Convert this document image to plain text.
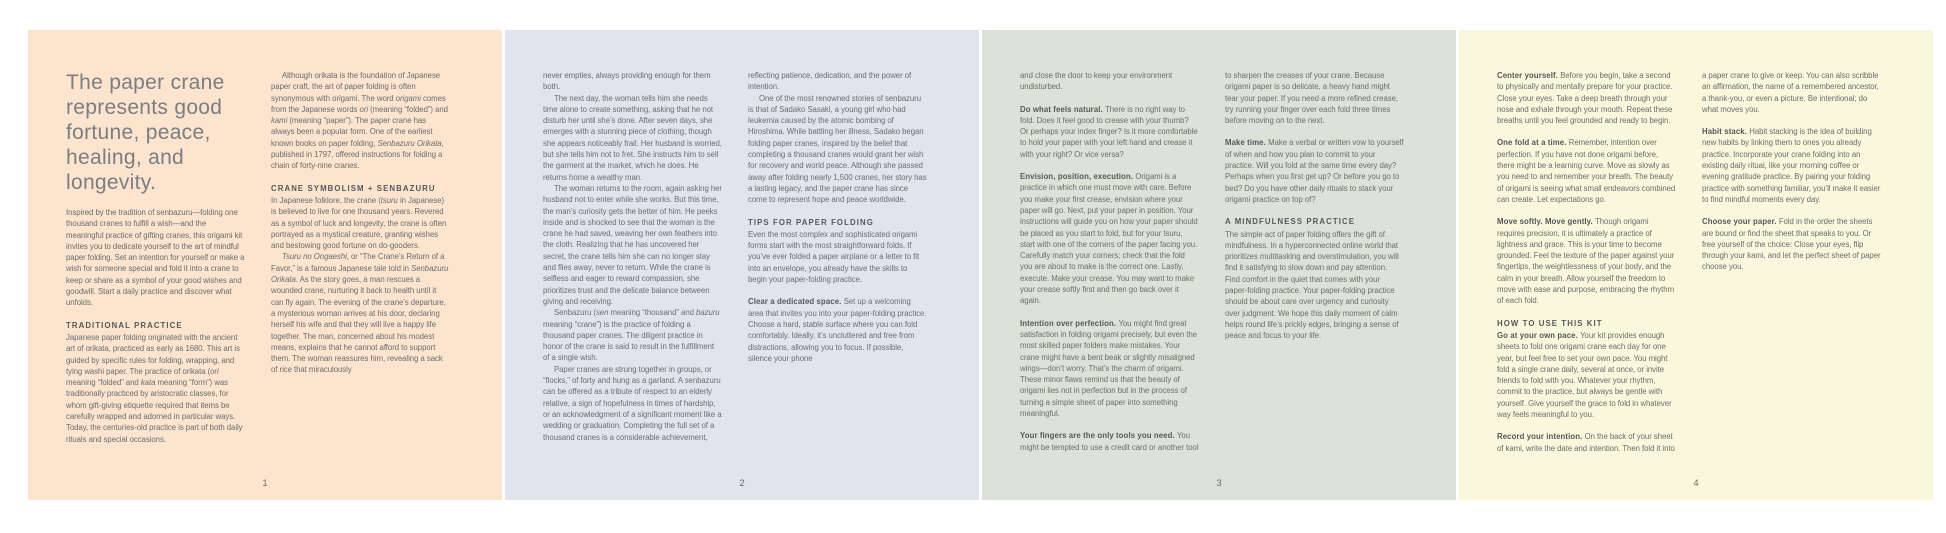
The paper crane represents good fortune, peace, healing, and longevity.

Inspired by the tradition of senbazuru—folding one thousand cranes to fulfill a wish—and the meaningful practice of gifting cranes, this origami kit invites you to dedicate yourself to the art of mindful paper folding. Set an intention for yourself or make a wish for someone special and fold it into a crane to keep or share as a symbol of your good wishes and goodwill. Start a daily practice and discover what unfolds.

TRADITIONAL PRACTICE

Japanese paper folding originated with the ancient art of orikata, practiced as early as 1680. This art is guided by specific rules for folding, wrapping, and tying washi paper. The practice of orikata (ori meaning “folded” and kata meaning “form”) was traditionally practiced by aristocratic classes, for whom gift-giving etiquette required that items be carefully wrapped and adorned in particular ways. Today, the centuries-old practice is part of both daily rituals and special occasions.

Although orikata is the foundation of Japanese paper craft, the art of paper folding is often synonymous with origami. The word origami comes from the Japanese words ori (meaning “folded”) and kami (meaning “paper”). The paper crane has always been a popular form. One of the earliest known books on paper folding, Senbazuru Orikata, published in 1797, offered instructions for folding a chain of forty-nine cranes.

CRANE SYMBOLISM + SENBAZURU

In Japanese folklore, the crane (tsuru in Japanese) is believed to live for one thousand years. Revered as a symbol of luck and longevity, the crane is often portrayed as a mystical creature, granting wishes and bestowing good fortune on do-gooders.

Tsuru no Ongaeshi, or “The Crane’s Return of a Favor,” is a famous Japanese tale told in Senbazuru Orikata. As the story goes, a man rescues a wounded crane, nurturing it back to health until it can fly again. The evening of the crane’s departure, a mysterious woman arrives at his door, declaring herself his wife and that they will live a happy life together. The man, concerned about his modest means, explains that he cannot afford to support them. The woman reassures him, revealing a sack of rice that miraculously

1

never empties, always providing enough for them both.

The next day, the woman tells him she needs time alone to create something, asking that he not disturb her until she’s done. After seven days, she emerges with a stunning piece of clothing, though she appears noticeably frail. Her husband is worried, but she tells him not to fret. She instructs him to sell the garment at the market, which he does. He returns home a wealthy man.

The woman returns to the room, again asking her husband not to enter while she works. But this time, the man’s curiosity gets the better of him. He peeks inside and is shocked to see that the woman is the crane he had saved, weaving her own feathers into the cloth. Realizing that he has uncovered her secret, the crane tells him she can no longer stay and flies away, never to return. While the crane is selfless and eager to reward compassion, she prioritizes trust and the delicate balance between giving and receiving.

Senbazuru (sen meaning “thousand” and bazuru meaning “crane”) is the practice of folding a thousand paper cranes. The diligent practice in honor of the crane is said to result in the fulfillment of a single wish.

Paper cranes are strung together in groups, or “flocks,” of forty and hung as a garland. A senbazuru can be offered as a tribute of respect to an elderly relative, a sign of hopefulness in times of hardship, or an acknowledgment of a significant moment like a wedding or graduation. Completing the full set of a thousand cranes is a considerable achievement, reflecting patience, dedication, and the power of intention.

One of the most renowned stories of senbazuru is that of Sadako Sasaki, a young girl who had leukemia caused by the atomic bombing of Hiroshima. While battling her illness, Sadako began folding paper cranes, inspired by the belief that completing a thousand cranes would grant her wish for recovery and world peace. Although she passed away after folding nearly 1,500 cranes, her story has a lasting legacy, and the paper crane has since come to represent hope and peace worldwide.

TIPS FOR PAPER FOLDING

Even the most complex and sophisticated origami forms start with the most straightforward folds. If you’ve ever folded a paper airplane or a letter to fit into an envelope, you already have the skills to begin your paper-folding practice.

Clear a dedicated space. Set up a welcoming area that invites you into your paper-folding practice. Choose a hard, stable surface where you can fold comfortably. Ideally, it’s uncluttered and free from distractions, allowing you to focus. If possible, silence your phone

2

and close the door to keep your environment undisturbed.

Do what feels natural. There is no right way to fold. Does it feel good to crease with your thumb? Or perhaps your index finger? Is it more comfortable to hold your paper with your left hand and crease it with your right? Or vice versa?

Envision, position, execution. Origami is a practice in which one must move with care. Before you make your first crease, envision where your paper will go. Next, put your paper in position. Your instructions will guide you on how your paper should be placed as you start to fold, but for your tsuru, start with one of the corners of the paper facing you. Carefully match your corners; check that the fold you are about to make is the correct one. Lastly, execute. Make your crease. You may want to make your crease softly first and then go back over it again.

Intention over perfection. You might find great satisfaction in folding origami precisely, but even the most skilled paper folders make mistakes. Your crane might have a bent beak or slightly misaligned wings—don’t worry. That’s the charm of origami. These minor flaws remind us that the beauty of origami lies not in perfection but in the process of turning a simple sheet of paper into something meaningful.

Your fingers are the only tools you need. You might be tempted to use a credit card or another tool to sharpen the creases of your crane. Because origami paper is so delicate, a heavy hand might tear your paper. If you need a more refined crease, try running your finger over each fold three times before moving on to the next.

Make time. Make a verbal or written vow to yourself of when and how you plan to commit to your practice. Will you fold at the same time every day? Perhaps when you first get up? Or before you go to bed? Do you have other daily rituals to stack your origami practice on top of?

A MINDFULNESS PRACTICE

The simple act of paper folding offers the gift of mindfulness. In a hyperconnected online world that prioritizes multitasking and overstimulation, you will find it satisfying to slow down and pay attention. Find comfort in the quiet that comes with your paper-folding practice. Your paper-folding practice should be about care over urgency and curiosity over judgment. We hope this daily moment of calm helps round life’s prickly edges, bringing a sense of peace and focus to your life.

3

Center yourself. Before you begin, take a second to physically and mentally prepare for your practice. Close your eyes. Take a deep breath through your nose and exhale through your mouth. Repeat these breaths until you feel grounded and ready to begin.

One fold at a time. Remember, intention over perfection. If you have not done origami before, there might be a learning curve. Move as slowly as you need to and remember your breath. The beauty of origami is seeing what small endeavors combined can create. Let expectations go.

Move softly. Move gently. Though origami requires precision, it is ultimately a practice of lightness and grace. This is your time to become grounded. Feel the texture of the paper against your fingertips, the weightlessness of your body, and the calm in your breath. Allow yourself the freedom to move with ease and purpose, embracing the rhythm of each fold.

HOW TO USE THIS KIT

Go at your own pace. Your kit provides enough sheets to fold one origami crane each day for one year, but feel free to set your own pace. You might fold a single crane daily, several at once, or invite friends to fold with you. Whatever your rhythm, commit to the practice, but always be gentle with yourself. Give yourself the grace to fold in whatever way feels meaningful to you.

Record your intention. On the back of your sheet of kami, write the date and intention. Then fold it into a paper crane to give or keep. You can also scribble an affirmation, the name of a remembered ancestor, a thank-you, or even a picture. Be intentional; do what moves you.

Habit stack. Habit stacking is the idea of building new habits by linking them to ones you already practice. Incorporate your crane folding into an existing daily ritual, like your morning coffee or evening gratitude practice. By pairing your folding practice with something familiar, you’ll make it easier to find mindful moments every day.

Choose your paper. Fold in the order the sheets are bound or find the sheet that speaks to you. Or free yourself of the choice: Close your eyes, flip through your kami, and let the perfect sheet of paper choose you.

4
